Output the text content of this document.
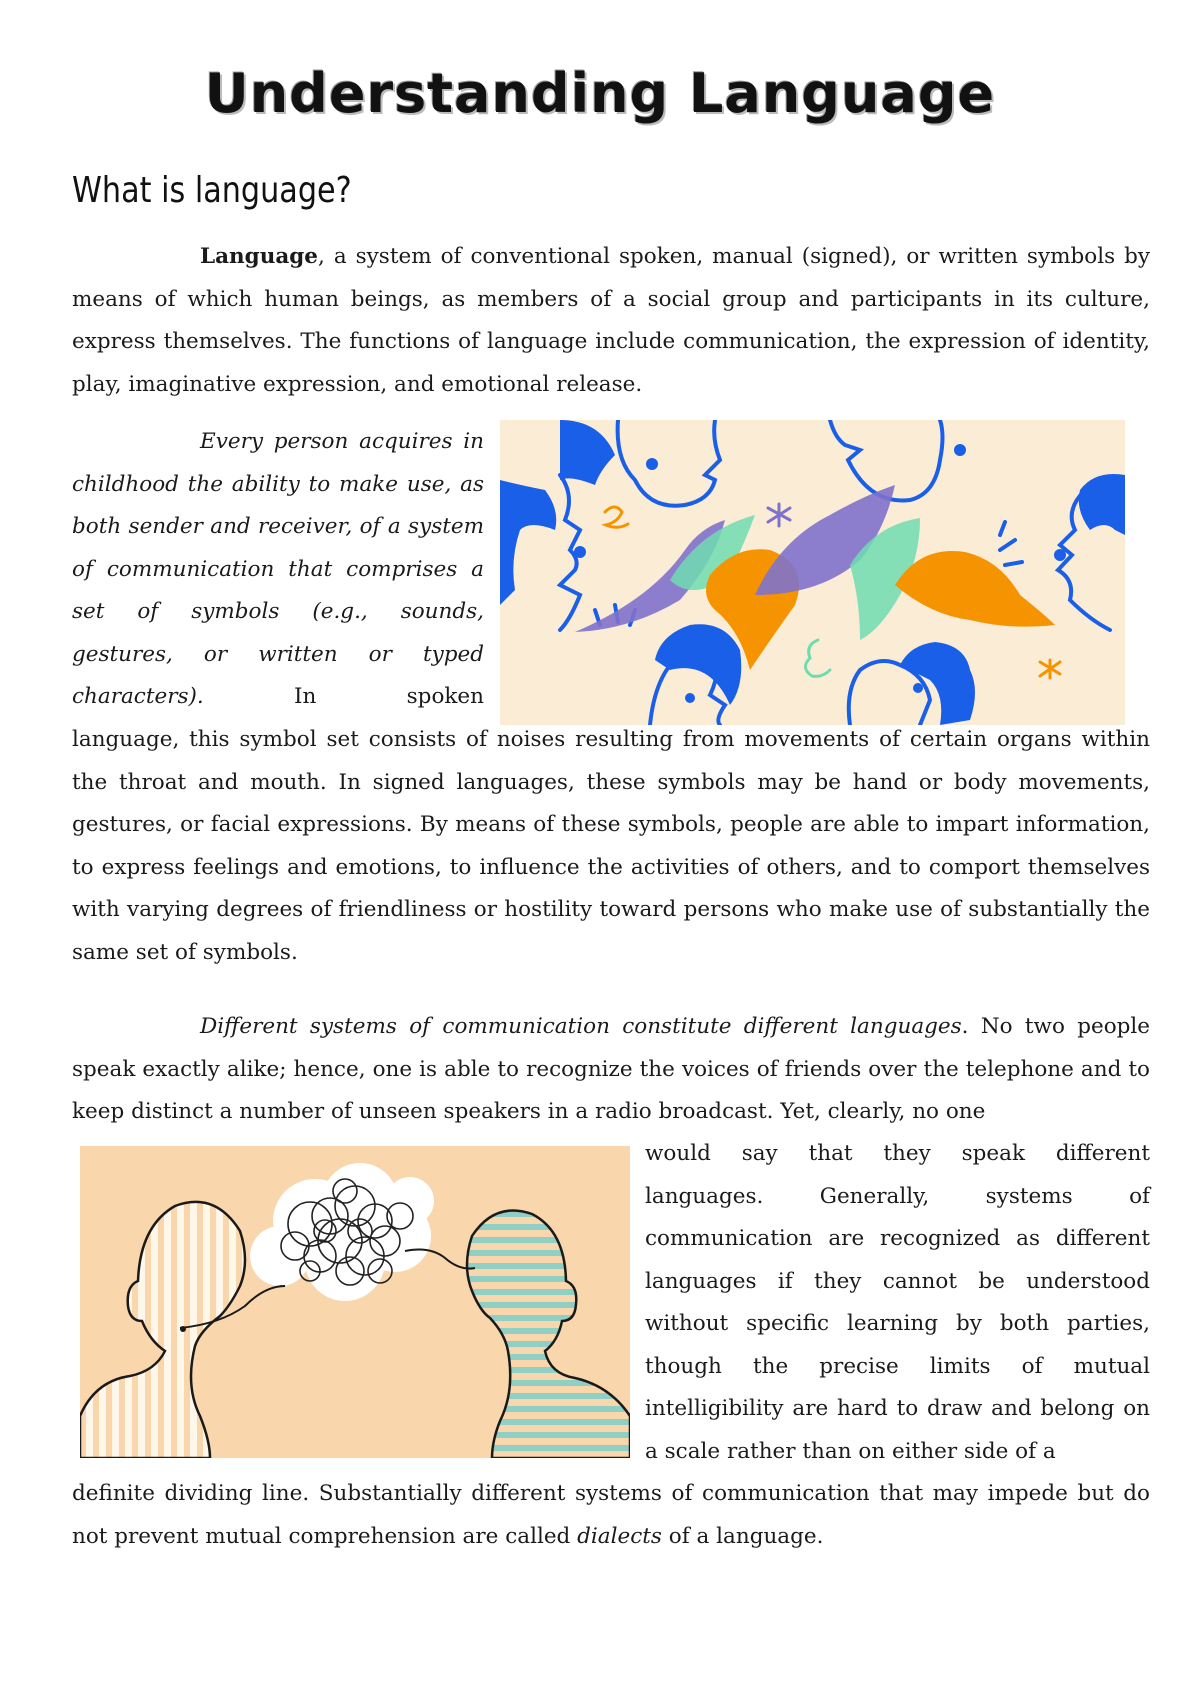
Understanding Language
What is language?

Language, a system of conventional spoken, manual (signed), or written symbols by means of which human beings, as members of a social group and participants in its culture, express themselves. The functions of language include communication, the expression of identity, play, imaginative expression, and emotional release.

Every person acquires in childhood the ability to make use, as both sender and receiver, of a system of communication that comprises a set of symbols (e.g., sounds, gestures, or written or typed characters). In spoken

language, this symbol set consists of noises resulting from movements of certain organs within the throat and mouth. In signed languages, these symbols may be hand or body movements, gestures, or facial expressions. By means of these symbols, people are able to impart information, to express feelings and emotions, to influence the activities of others, and to comport themselves with varying degrees of friendliness or hostility toward persons who make use of substantially the same set of symbols.

Different systems of communication constitute different languages. No two people speak exactly alike; hence, one is able to recognize the voices of friends over the telephone and to keep distinct a number of unseen speakers in a radio broadcast. Yet, clearly, no one

would say that they speak different languages. Generally, systems of communication are recognized as different languages if they cannot be understood without specific learning by both parties, though the precise limits of mutual intelligibility are hard to draw and belong on a scale rather than on either side of a

definite dividing line. Substantially different systems of communication that may impede but do not prevent mutual comprehension are called dialects of a language.
